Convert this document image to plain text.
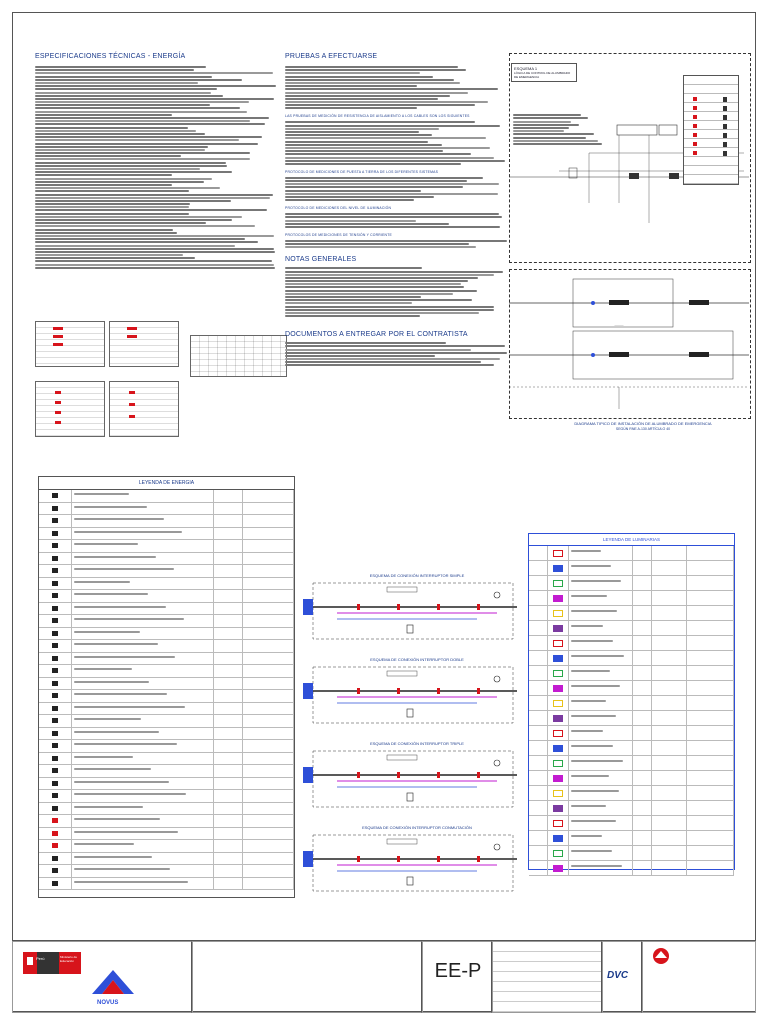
ESPECIFICACIONES TÉCNICAS - ENERGÍA
LEYENDA DE ENERGIA
PRUEBAS A EFECTUARSE
LAS PRUEBAS DE MEDICIÓN DE RESISTENCIA DE AISLAMIENTO A LOS CABLES SON LOS SIGUIENTES
PROTOCOLO DE MEDICIONES DE PUESTA A TIERRA DE LOS DIFERENTES SISTEMAS
PROTOCOLO DE MEDICIONES DEL NIVEL DE ILUMINACIÓN
PROTOCOLOS DE MEDICIONES DE TENSIÓN Y CORRIENTE
NOTAS GENERALES
DOCUMENTOS A ENTREGAR POR EL CONTRATISTA
ESQUEMA 1
LÓGICA DE CONTROL DE ALUMBRADO DE EMERGENCIA
———
DIAGRAMA TIPICO DE INSTALACIÓN DE ALUMBRADO DE EMERGENCIA
SEGÚN RNE A-130 ARTÍCULO 40
ESQUEMA DE CONEXIÓN INTERRUPTOR SIMPLE
ESQUEMA DE CONEXIÓN INTERRUPTOR DOBLE
ESQUEMA DE CONEXIÓN INTERRUPTOR TRIPLE
ESQUEMA DE CONEXIÓN INTERRUPTOR CONMUTACIÓN
LEYENDA DE LUMINARIAS
Perú	Ministerio de Educación
NOVUS
EE-P	DVC
